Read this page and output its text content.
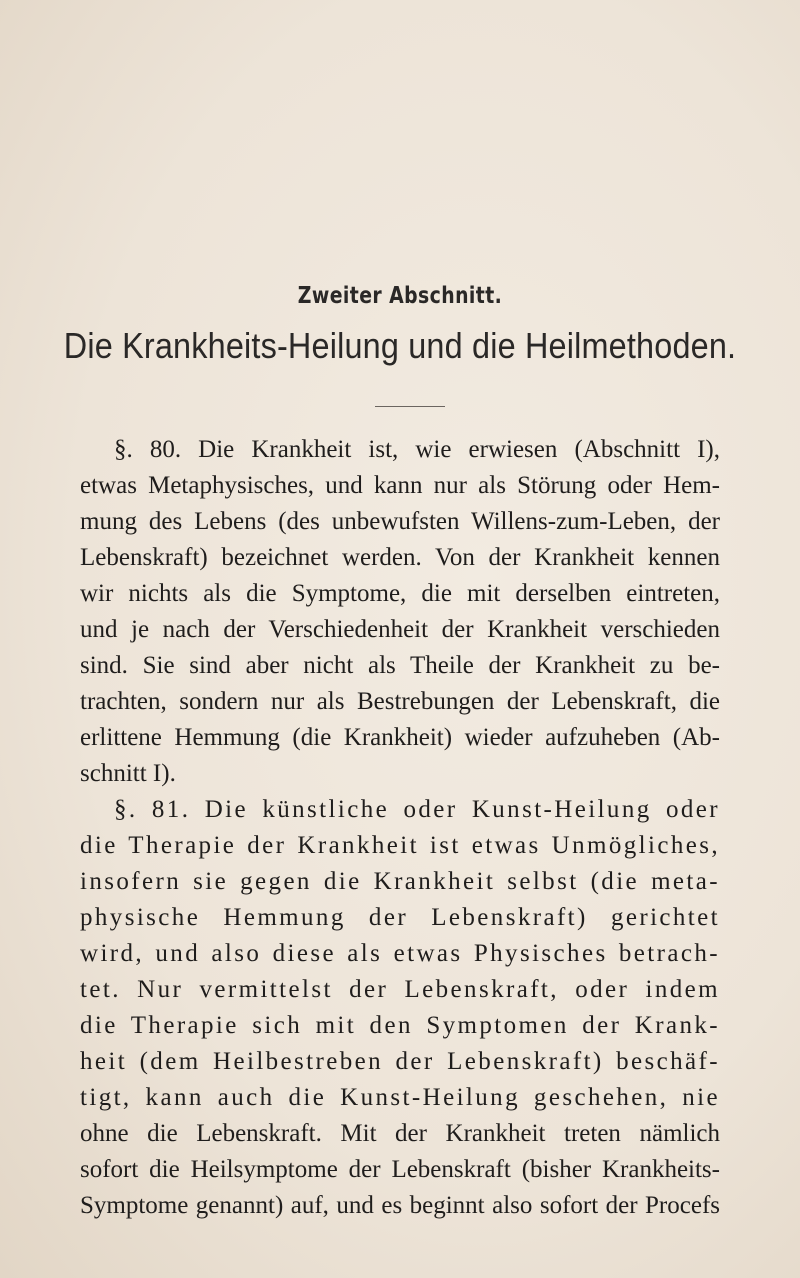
Zweiter Abschnitt.
Die Krankheits-Heilung und die Heilmethoden.
§. 80. Die Krankheit ist, wie erwiesen (Abschnitt I),
etwas Metaphysisches, und kann nur als Störung oder Hem-
mung des Lebens (des unbewufsten Willens-zum-Leben, der
Lebenskraft) bezeichnet werden. Von der Krankheit kennen
wir nichts als die Symptome, die mit derselben eintreten,
und je nach der Verschiedenheit der Krankheit verschieden
sind. Sie sind aber nicht als Theile der Krankheit zu be-
trachten, sondern nur als Bestrebungen der Lebenskraft, die
erlittene Hemmung (die Krankheit) wieder aufzuheben (Ab-
schnitt I).
§. 81. Die künstliche oder Kunst-Heilung oder
die Therapie der Krankheit ist etwas Unmögliches,
insofern sie gegen die Krankheit selbst (die meta-
physische Hemmung der Lebenskraft) gerichtet
wird, und also diese als etwas Physisches betrach-
tet. Nur vermittelst der Lebenskraft, oder indem
die Therapie sich mit den Symptomen der Krank-
heit (dem Heilbestreben der Lebenskraft) beschäf-
tigt, kann auch die Kunst-Heilung geschehen, nie
ohne die Lebenskraft. Mit der Krankheit treten nämlich
sofort die Heilsymptome der Lebenskraft (bisher Krankheits-
Symptome genannt) auf, und es beginnt also sofort der Procefs
